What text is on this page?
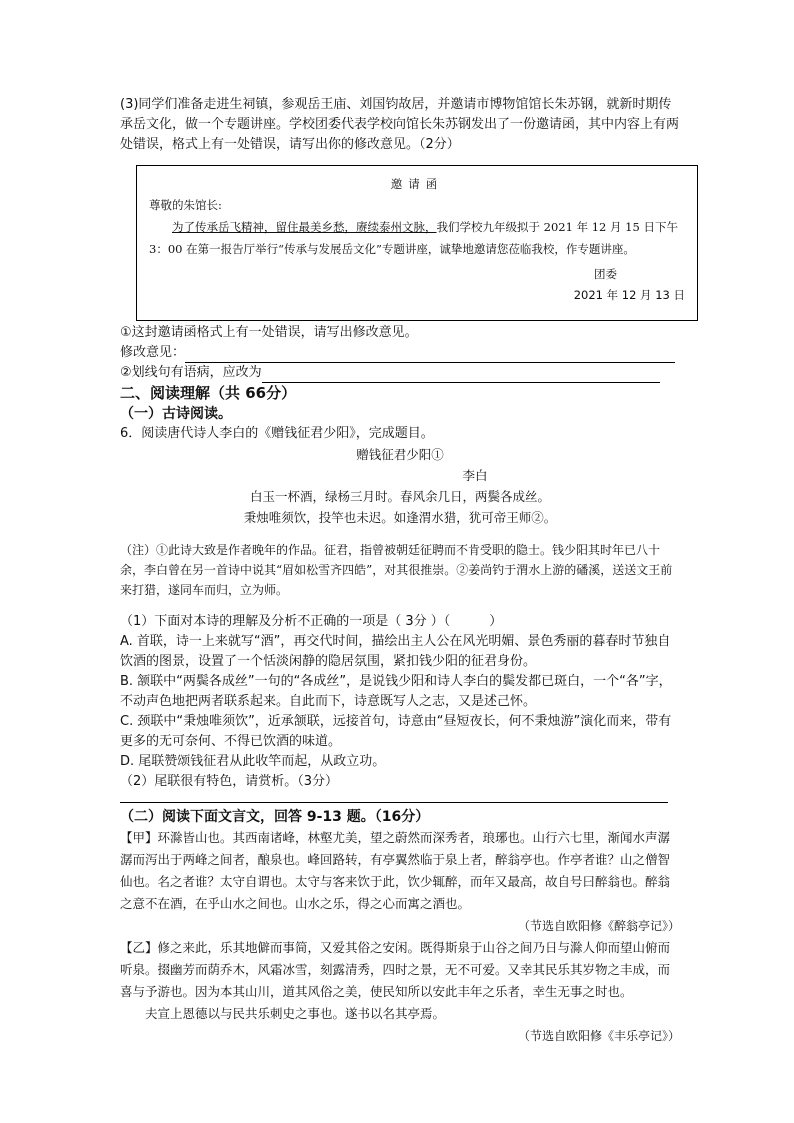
(3)同学们准备走进生祠镇，参观岳王庙、刘国钧故居，并邀请市博物馆馆长朱苏钢，就新时期传承岳文化，做一个专题讲座。学校团委代表学校向馆长朱苏钢发出了一份邀请函，其中内容上有两处错误，格式上有一处错误，请写出你的修改意见。（2分）

邀请函
尊敬的朱馆长:
为了传承岳飞精神，留住最美乡愁，赓续泰州文脉，我们学校九年级拟于 2021 年 12 月 15 日下午 3：00 在第一报告厅举行“传承与发展岳文化”专题讲座，诚挚地邀请您莅临我校，作专题讲座。
团委
2021 年 12 月 13 日

①这封邀请函格式上有一处错误，请写出修改意见。

修改意见：

②划线句有语病，应改为

二、阅读理解（共 66分）

（一）古诗阅读。

6．阅读唐代诗人李白的《赠钱征君少阳》，完成题目。

赠钱征君少阳①
李白
白玉一杯酒，绿杨三月时。春风余几日，两鬓各成丝。
秉烛唯须饮，投竿也未迟。如逢渭水猎，犹可帝王师②。

（注）①此诗大致是作者晚年的作品。征君，指曾被朝廷征聘而不肯受职的隐士。钱少阳其时年已八十余，李白曾在另一首诗中说其“眉如松雪齐四皓”，对其很推崇。②姜尚钓于渭水上游的磻溪，送送文王前来打猎，遂同车而归，立为师。

（1）下面对本诗的理解及分析不正确的一项是（ 3分 ）（　　　）

A. 首联，诗一上来就写“酒”，再交代时间，描绘出主人公在风光明媚、景色秀丽的暮春时节独自饮酒的图景，设置了一个恬淡闲静的隐居氛围，紧扣钱少阳的征君身份。

B. 颔联中“两鬓各成丝”一句的“各成丝”，是说钱少阳和诗人李白的鬓发都已斑白，一个“各”字，不动声色地把两者联系起来。自此而下，诗意既写人之志，又是述己怀。

C. 颈联中“秉烛唯须饮”，近承颔联，远接首句，诗意由“昼短夜长，何不秉烛游”演化而来，带有更多的无可奈何、不得已饮酒的味道。

D. 尾联赞颂钱征君从此收竿而起，从政立功。

（2）尾联很有特色，请赏析。（3分）

（二）阅读下面文言文，回答 9-13 题。（16分）

【甲】环滁皆山也。其西南诸峰，林壑尤美，望之蔚然而深秀者，琅琊也。山行六七里，渐闻水声潺潺而泻出于两峰之间者，酿泉也。峰回路转，有亭翼然临于泉上者，醉翁亭也。作亭者谁？山之僧智仙也。名之者谁？太守自谓也。太守与客来饮于此，饮少辄醉，而年又最高，故自号曰醉翁也。醉翁之意不在酒，在乎山水之间也。山水之乐，得之心而寓之酒也。

（节选自欧阳修《醉翁亭记》）

【乙】修之来此，乐其地僻而事简，又爱其俗之安闲。既得斯泉于山谷之间乃日与滁人仰而望山俯而听泉。掇幽芳而荫乔木，风霜冰雪，刻露清秀，四时之景，无不可爱。又幸其民乐其岁物之丰成，而喜与予游也。因为本其山川，道其风俗之美，使民知所以安此丰年之乐者，幸生无事之时也。

夫宣上恩德以与民共乐刺史之事也。遂书以名其亭焉。

（节选自欧阳修《丰乐亭记》）
